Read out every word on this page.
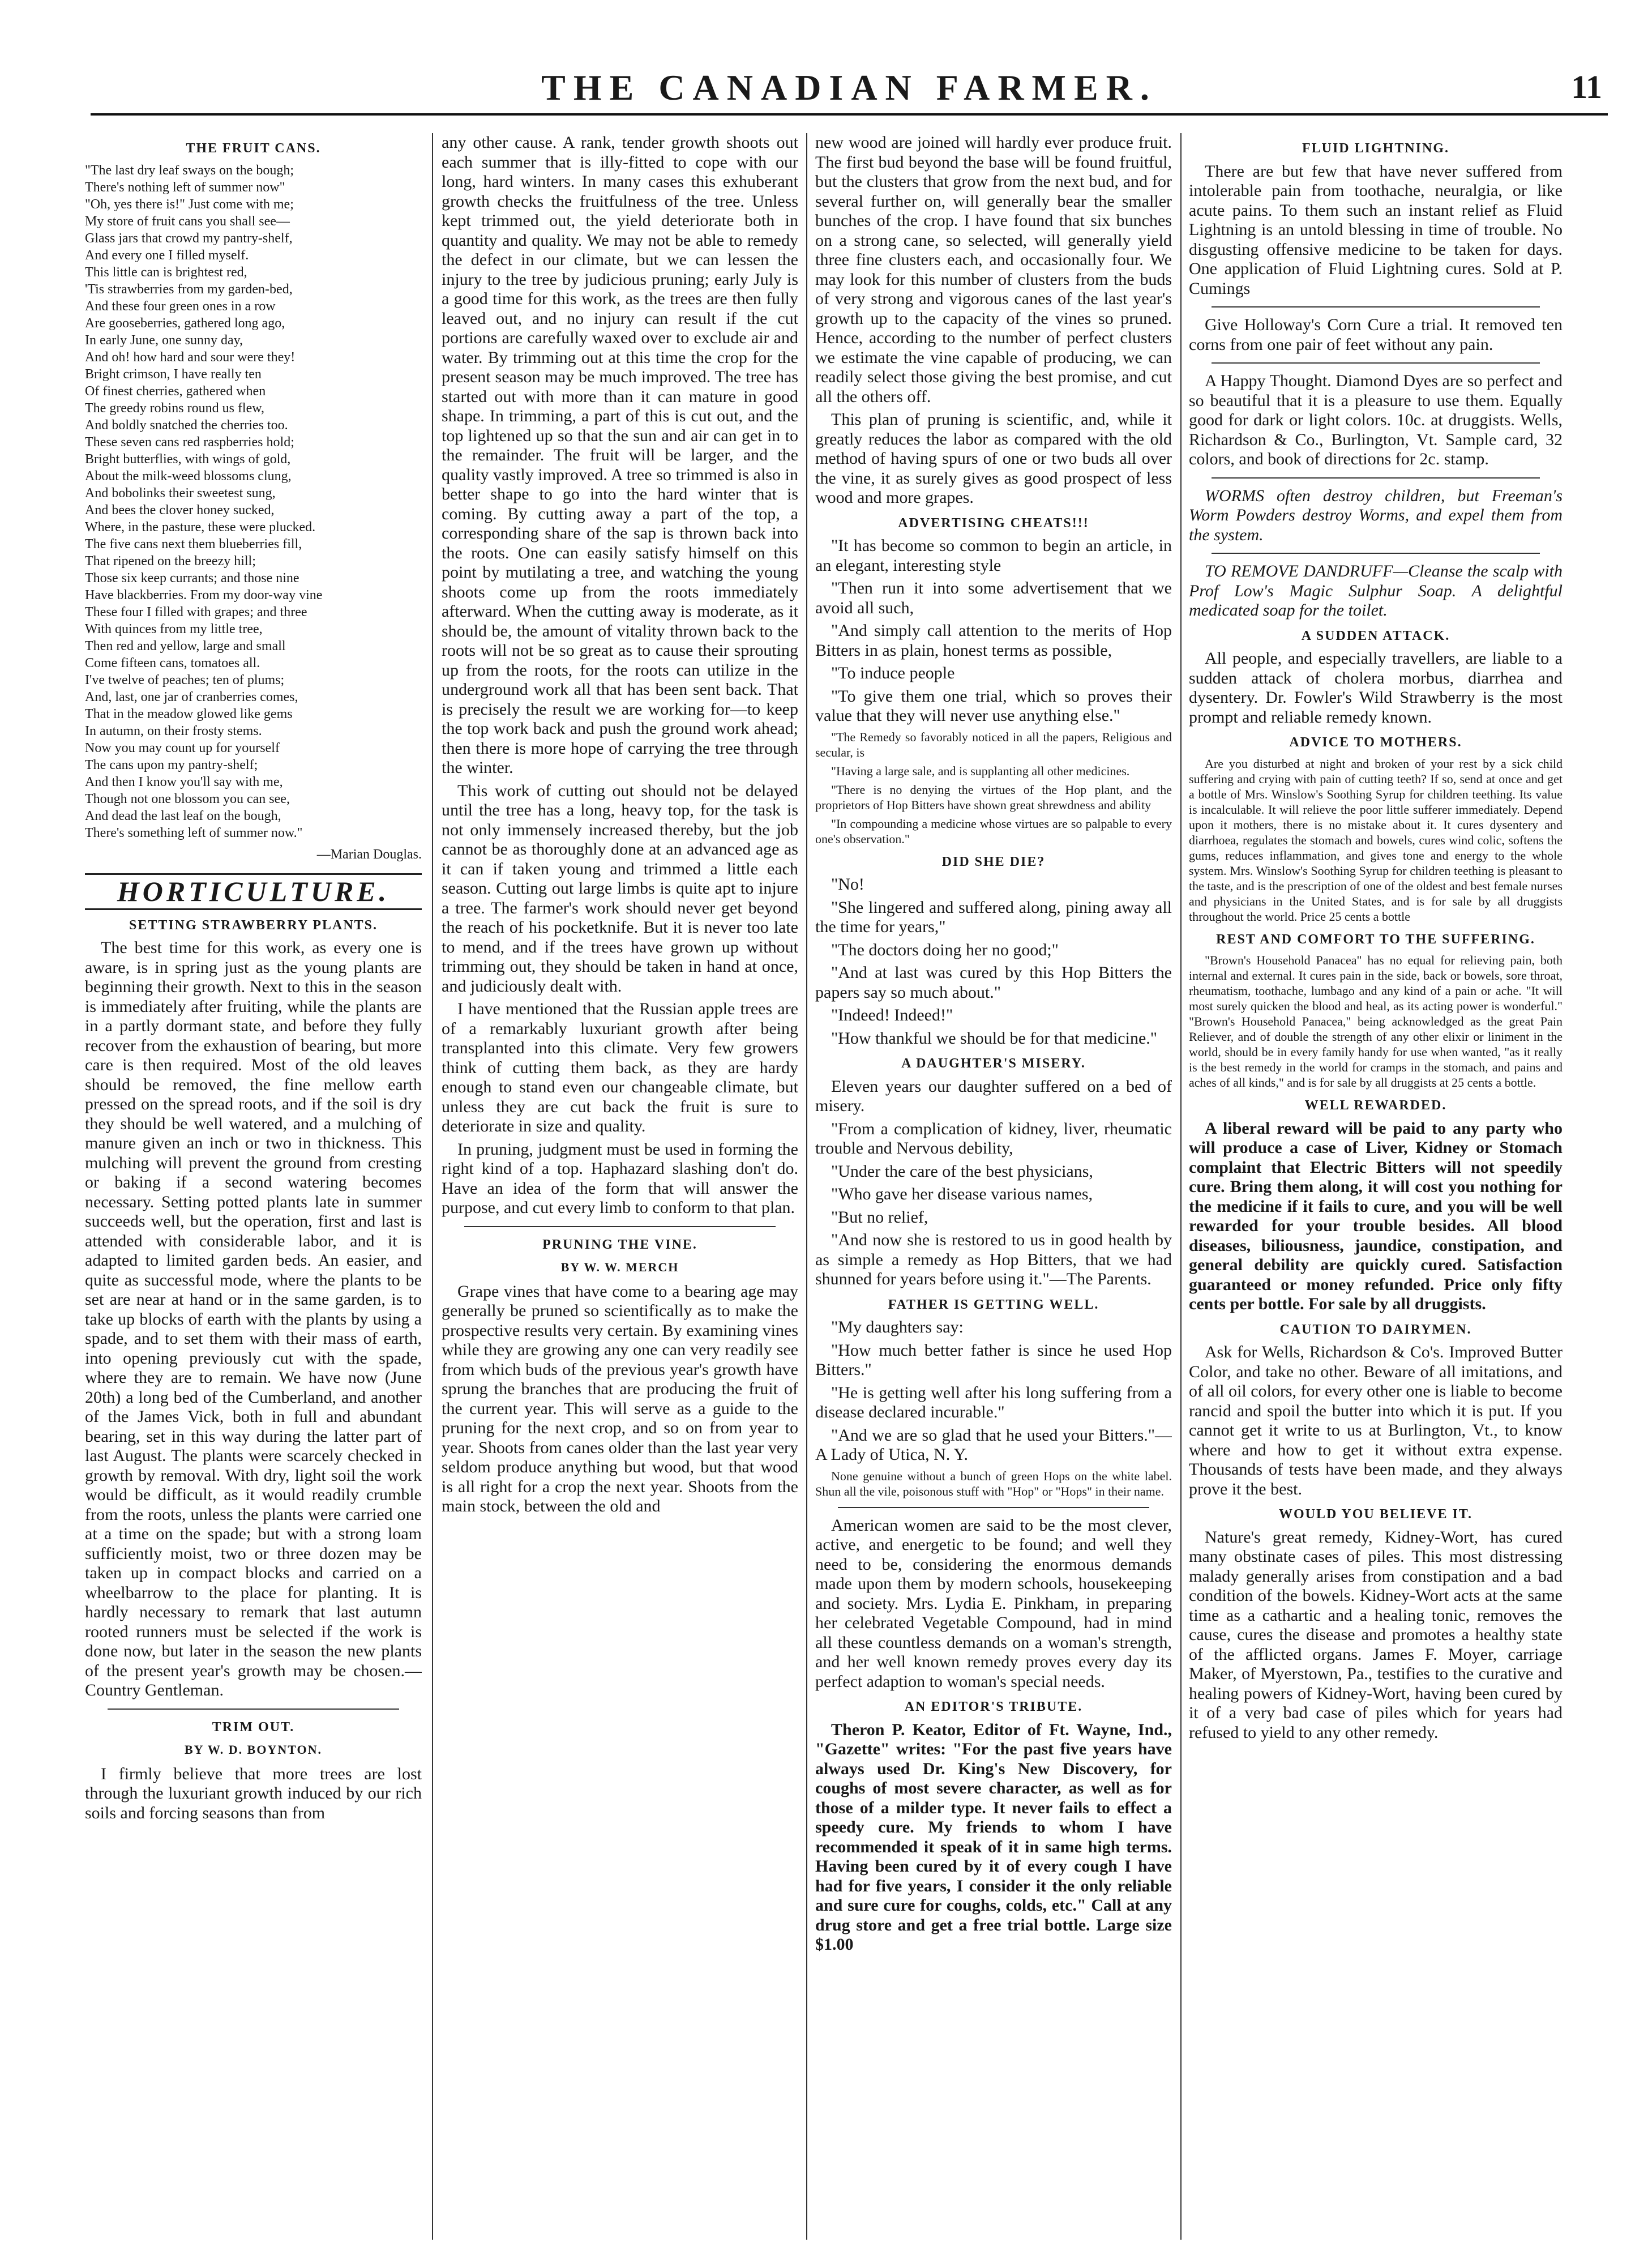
THE CANADIAN FARMER.	11
THE FRUIT CANS.
"The last dry leaf sways on the bough;
There's nothing left of summer now"
"Oh, yes there is!" Just come with me;
My store of fruit cans you shall see—
Glass jars that crowd my pantry-shelf,
And every one I filled myself.
This little can is brightest red,
'Tis strawberries from my garden-bed,
And these four green ones in a row
Are gooseberries, gathered long ago,
In early June, one sunny day,
And oh! how hard and sour were they!
Bright crimson, I have really ten
Of finest cherries, gathered when
The greedy robins round us flew,
And boldly snatched the cherries too.
These seven cans red raspberries hold;
Bright butterflies, with wings of gold,
About the milk-weed blossoms clung,
And bobolinks their sweetest sung,
And bees the clover honey sucked,
Where, in the pasture, these were plucked.
The five cans next them blueberries fill,
That ripened on the breezy hill;
Those six keep currants; and those nine
Have blackberries. From my door-way vine
These four I filled with grapes; and three
With quinces from my little tree,
Then red and yellow, large and small
Come fifteen cans, tomatoes all.
I've twelve of peaches; ten of plums;
And, last, one jar of cranberries comes,
That in the meadow glowed like gems
In autumn, on their frosty stems.
Now you may count up for yourself
The cans upon my pantry-shelf;
And then I know you'll say with me,
Though not one blossom you can see,
And dead the last leaf on the bough,
There's something left of summer now."
—Marian Douglas.
HORTICULTURE.
SETTING STRAWBERRY PLANTS.

The best time for this work, as every one is aware, is in spring just as the young plants are beginning their growth. Next to this in the season is immediately after fruiting, while the plants are in a partly dormant state, and before they fully recover from the exhaustion of bearing, but more care is then required. Most of the old leaves should be removed, the fine mellow earth pressed on the spread roots, and if the soil is dry they should be well watered, and a mulching of manure given an inch or two in thickness. This mulching will prevent the ground from cresting or baking if a second watering becomes necessary. Setting potted plants late in summer succeeds well, but the operation, first and last is attended with considerable labor, and it is adapted to limited garden beds. An easier, and quite as successful mode, where the plants to be set are near at hand or in the same garden, is to take up blocks of earth with the plants by using a spade, and to set them with their mass of earth, into opening previously cut with the spade, where they are to remain. We have now (June 20th) a long bed of the Cumberland, and another of the James Vick, both in full and abundant bearing, set in this way during the latter part of last August. The plants were scarcely checked in growth by removal. With dry, light soil the work would be difficult, as it would readily crumble from the roots, unless the plants were carried one at a time on the spade; but with a strong loam sufficiently moist, two or three dozen may be taken up in compact blocks and carried on a wheelbarrow to the place for planting. It is hardly necessary to remark that last autumn rooted runners must be selected if the work is done now, but later in the season the new plants of the present year's growth may be chosen.—Country Gentleman.

TRIM OUT.
BY W. D. BOYNTON.

I firmly believe that more trees are lost through the luxuriant growth induced by our rich soils and forcing seasons than from

any other cause. A rank, tender growth shoots out each summer that is illy-fitted to cope with our long, hard winters. In many cases this exhuberant growth checks the fruitfulness of the tree. Unless kept trimmed out, the yield deteriorate both in quantity and quality. We may not be able to remedy the defect in our climate, but we can lessen the injury to the tree by judicious pruning; early July is a good time for this work, as the trees are then fully leaved out, and no injury can result if the cut portions are carefully waxed over to exclude air and water. By trimming out at this time the crop for the present season may be much improved. The tree has started out with more than it can mature in good shape. In trimming, a part of this is cut out, and the top lightened up so that the sun and air can get in to the remainder. The fruit will be larger, and the quality vastly improved. A tree so trimmed is also in better shape to go into the hard winter that is coming. By cutting away a part of the top, a corresponding share of the sap is thrown back into the roots. One can easily satisfy himself on this point by mutilating a tree, and watching the young shoots come up from the roots immediately afterward. When the cutting away is moderate, as it should be, the amount of vitality thrown back to the roots will not be so great as to cause their sprouting up from the roots, for the roots can utilize in the underground work all that has been sent back. That is precisely the result we are working for—to keep the top work back and push the ground work ahead; then there is more hope of carrying the tree through the winter.

This work of cutting out should not be delayed until the tree has a long, heavy top, for the task is not only immensely increased thereby, but the job cannot be as thoroughly done at an advanced age as it can if taken young and trimmed a little each season. Cutting out large limbs is quite apt to injure a tree. The farmer's work should never get beyond the reach of his pocketknife. But it is never too late to mend, and if the trees have grown up without trimming out, they should be taken in hand at once, and judiciously dealt with.

I have mentioned that the Russian apple trees are of a remarkably luxuriant growth after being transplanted into this climate. Very few growers think of cutting them back, as they are hardy enough to stand even our changeable climate, but unless they are cut back the fruit is sure to deteriorate in size and quality.

In pruning, judgment must be used in forming the right kind of a top. Haphazard slashing don't do. Have an idea of the form that will answer the purpose, and cut every limb to conform to that plan.

PRUNING THE VINE.
BY W. W. MERCH

Grape vines that have come to a bearing age may generally be pruned so scientifically as to make the prospective results very certain. By examining vines while they are growing any one can very readily see from which buds of the previous year's growth have sprung the branches that are producing the fruit of the current year. This will serve as a guide to the pruning for the next crop, and so on from year to year. Shoots from canes older than the last year very seldom produce anything but wood, but that wood is all right for a crop the next year. Shoots from the main stock, between the old and

new wood are joined will hardly ever produce fruit. The first bud beyond the base will be found fruitful, but the clusters that grow from the next bud, and for several further on, will generally bear the smaller bunches of the crop. I have found that six bunches on a strong cane, so selected, will generally yield three fine clusters each, and occasionally four. We may look for this number of clusters from the buds of very strong and vigorous canes of the last year's growth up to the capacity of the vines so pruned. Hence, according to the number of perfect clusters we estimate the vine capable of producing, we can readily select those giving the best promise, and cut all the others off.

This plan of pruning is scientific, and, while it greatly reduces the labor as compared with the old method of having spurs of one or two buds all over the vine, it as surely gives as good prospect of less wood and more grapes.

ADVERTISING CHEATS!!!

"It has become so common to begin an article, in an elegant, interesting style

"Then run it into some advertisement that we avoid all such,

"And simply call attention to the merits of Hop Bitters in as plain, honest terms as possible,

"To induce people

"To give them one trial, which so proves their value that they will never use anything else."

"The Remedy so favorably noticed in all the papers, Religious and secular, is

"Having a large sale, and is supplanting all other medicines.

"There is no denying the virtues of the Hop plant, and the proprietors of Hop Bitters have shown great shrewdness and ability

"In compounding a medicine whose virtues are so palpable to every one's observation."

DID SHE DIE?

"No!

"She lingered and suffered along, pining away all the time for years,"

"The doctors doing her no good;"

"And at last was cured by this Hop Bitters the papers say so much about."

"Indeed! Indeed!"

"How thankful we should be for that medicine."

A DAUGHTER'S MISERY.

Eleven years our daughter suffered on a bed of misery.

"From a complication of kidney, liver, rheumatic trouble and Nervous debility,

"Under the care of the best physicians,

"Who gave her disease various names,

"But no relief,

"And now she is restored to us in good health by as simple a remedy as Hop Bitters, that we had shunned for years before using it."—The Parents.

FATHER IS GETTING WELL.

"My daughters say:

"How much better father is since he used Hop Bitters."

"He is getting well after his long suffering from a disease declared incurable."

"And we are so glad that he used your Bitters."—A Lady of Utica, N. Y.

None genuine without a bunch of green Hops on the white label. Shun all the vile, poisonous stuff with "Hop" or "Hops" in their name.

American women are said to be the most clever, active, and energetic to be found; and well they need to be, considering the enormous demands made upon them by modern schools, housekeeping and society. Mrs. Lydia E. Pinkham, in preparing her celebrated Vegetable Compound, had in mind all these countless demands on a woman's strength, and her well known remedy proves every day its perfect adaption to woman's special needs.

AN EDITOR'S TRIBUTE.

Theron P. Keator, Editor of Ft. Wayne, Ind., "Gazette" writes: "For the past five years have always used Dr. King's New Discovery, for coughs of most severe character, as well as for those of a milder type. It never fails to effect a speedy cure. My friends to whom I have recommended it speak of it in same high terms. Having been cured by it of every cough I have had for five years, I consider it the only reliable and sure cure for coughs, colds, etc." Call at any drug store and get a free trial bottle. Large size $1.00

FLUID LIGHTNING.

There are but few that have never suffered from intolerable pain from toothache, neuralgia, or like acute pains. To them such an instant relief as Fluid Lightning is an untold blessing in time of trouble. No disgusting offensive medicine to be taken for days. One application of Fluid Lightning cures. Sold at P. Cumings

Give Holloway's Corn Cure a trial. It removed ten corns from one pair of feet without any pain.

A Happy Thought. Diamond Dyes are so perfect and so beautiful that it is a pleasure to use them. Equally good for dark or light colors. 10c. at druggists. Wells, Richardson & Co., Burlington, Vt. Sample card, 32 colors, and book of directions for 2c. stamp.

WORMS often destroy children, but Freeman's Worm Powders destroy Worms, and expel them from the system.

TO REMOVE DANDRUFF—Cleanse the scalp with Prof Low's Magic Sulphur Soap. A delightful medicated soap for the toilet.

A SUDDEN ATTACK.

All people, and especially travellers, are liable to a sudden attack of cholera morbus, diarrhea and dysentery. Dr. Fowler's Wild Strawberry is the most prompt and reliable remedy known.

ADVICE TO MOTHERS.

Are you disturbed at night and broken of your rest by a sick child suffering and crying with pain of cutting teeth? If so, send at once and get a bottle of Mrs. Winslow's Soothing Syrup for children teething. Its value is incalculable. It will relieve the poor little sufferer immediately. Depend upon it mothers, there is no mistake about it. It cures dysentery and diarrhoea, regulates the stomach and bowels, cures wind colic, softens the gums, reduces inflammation, and gives tone and energy to the whole system. Mrs. Winslow's Soothing Syrup for children teething is pleasant to the taste, and is the prescription of one of the oldest and best female nurses and physicians in the United States, and is for sale by all druggists throughout the world. Price 25 cents a bottle

REST AND COMFORT TO THE SUFFERING.

"Brown's Household Panacea" has no equal for relieving pain, both internal and external. It cures pain in the side, back or bowels, sore throat, rheumatism, toothache, lumbago and any kind of a pain or ache. "It will most surely quicken the blood and heal, as its acting power is wonderful." "Brown's Household Panacea," being acknowledged as the great Pain Reliever, and of double the strength of any other elixir or liniment in the world, should be in every family handy for use when wanted, "as it really is the best remedy in the world for cramps in the stomach, and pains and aches of all kinds," and is for sale by all druggists at 25 cents a bottle.

WELL REWARDED.

A liberal reward will be paid to any party who will produce a case of Liver, Kidney or Stomach complaint that Electric Bitters will not speedily cure. Bring them along, it will cost you nothing for the medicine if it fails to cure, and you will be well rewarded for your trouble besides. All blood diseases, biliousness, jaundice, constipation, and general debility are quickly cured. Satisfaction guaranteed or money refunded. Price only fifty cents per bottle. For sale by all druggists.

CAUTION TO DAIRYMEN.

Ask for Wells, Richardson & Co's. Improved Butter Color, and take no other. Beware of all imitations, and of all oil colors, for every other one is liable to become rancid and spoil the butter into which it is put. If you cannot get it write to us at Burlington, Vt., to know where and how to get it without extra expense. Thousands of tests have been made, and they always prove it the best.

WOULD YOU BELIEVE IT.

Nature's great remedy, Kidney-Wort, has cured many obstinate cases of piles. This most distressing malady generally arises from constipation and a bad condition of the bowels. Kidney-Wort acts at the same time as a cathartic and a healing tonic, removes the cause, cures the disease and promotes a healthy state of the afflicted organs. James F. Moyer, carriage Maker, of Myerstown, Pa., testifies to the curative and healing powers of Kidney-Wort, having been cured by it of a very bad case of piles which for years had refused to yield to any other remedy.
